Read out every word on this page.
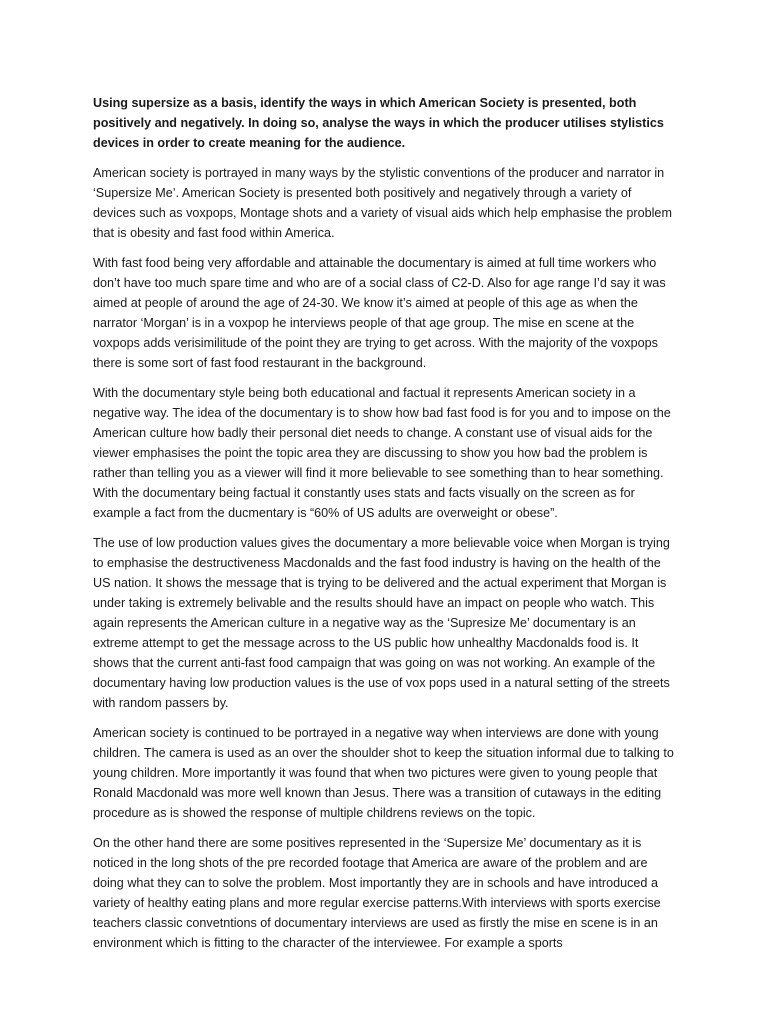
Using supersize as a basis, identify the ways in which American Society is presented, both positively and negatively. In doing so, analyse the ways in which the producer utilises stylistics devices in order to create meaning for the audience.

American society is portrayed in many ways by the stylistic conventions of the producer and narrator in ‘Supersize Me’. American Society is presented both positively and negatively through a variety of devices such as voxpops, Montage shots and a variety of visual aids which help emphasise the problem that is obesity and fast food within America.

With fast food being very affordable and attainable the documentary is aimed at full time workers who don’t have too much spare time and who are of a social class of C2-D. Also for age range I’d say it was aimed at people of around the age of 24-30. We know it’s aimed at people of this age as when the narrator ‘Morgan’ is in a voxpop he interviews people of that age group. The mise en scene at the voxpops adds verisimilitude of the point they are trying to get across. With the majority of the voxpops there is some sort of fast food restaurant in the background.

With the documentary style being both educational and factual it represents American society in a negative way. The idea of the documentary is to show how bad fast food is for you and to impose on the American culture how badly their personal diet needs to change. A constant use of visual aids for the viewer emphasises the point the topic area they are discussing to show you how bad the problem is rather than telling you as a viewer will find it more believable to see something than to hear something. With the documentary being factual it constantly uses stats and facts visually on the screen as for example a fact from the ducmentary is “60% of US adults are overweight or obese”.

The use of low production values gives the documentary a more believable voice when Morgan is trying to emphasise the destructiveness Macdonalds and the fast food industry is having on the health of the US nation. It shows the message that is trying to be delivered and the actual experiment that Morgan is under taking is extremely belivable and the results should have an impact on people who watch. This again represents the American culture in a negative way as the ‘Supresize Me’ documentary is an extreme attempt to get the message across to the US public how unhealthy Macdonalds food is. It shows that the current anti-fast food campaign that was going on was not working. An example of the documentary having low production values is the use of vox pops used in a natural setting of the streets with random passers by.

American society is continued to be portrayed in a negative way when interviews are done with young children. The camera is used as an over the shoulder shot to keep the situation informal due to talking to young children. More importantly it was found that when two pictures were given to young people that Ronald Macdonald was more well known than Jesus. There was a transition of cutaways in the editing procedure as is showed the response of multiple childrens reviews on the topic.

On the other hand there are some positives represented in the ‘Supersize Me’ documentary as it is noticed in the long shots of the pre recorded footage that America are aware of the problem and are doing what they can to solve the problem. Most importantly they are in schools and have introduced a variety of healthy eating plans and more regular exercise patterns.With interviews with sports exercise teachers classic convetntions of documentary interviews are used as firstly the mise en scene is in an environment which is fitting to the character of the interviewee. For example a sports
